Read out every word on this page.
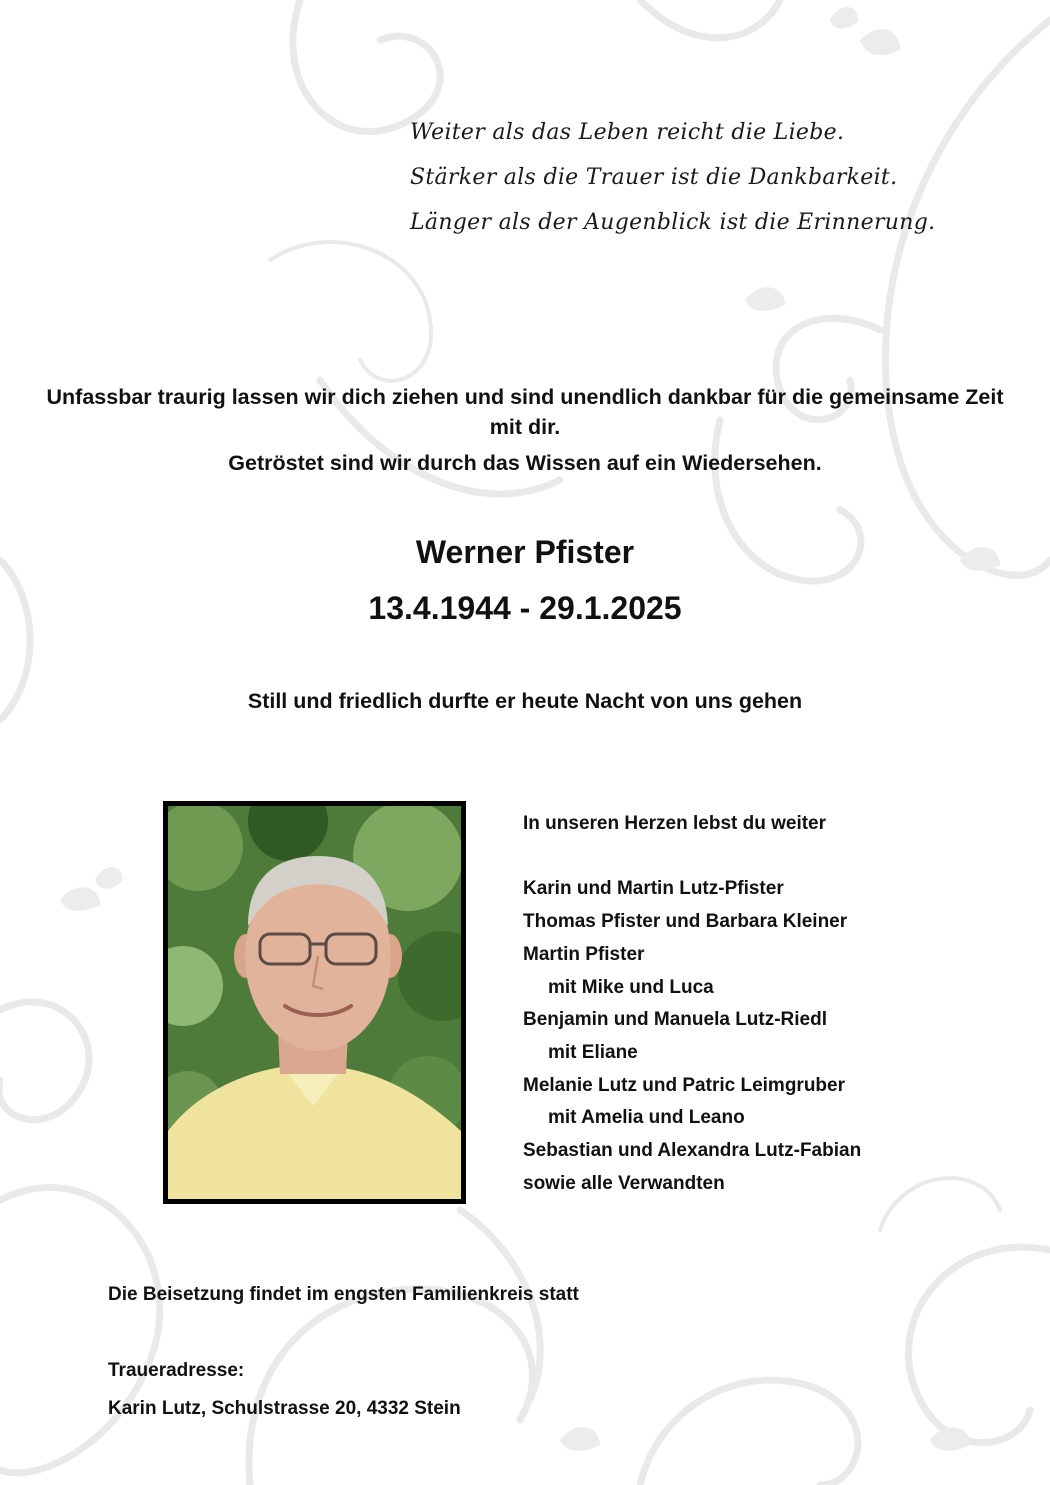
Weiter als das Leben reicht die Liebe.
Stärker als die Trauer ist die Dankbarkeit.
Länger als der Augenblick ist die Erinnerung.
Unfassbar traurig lassen wir dich ziehen und sind unendlich dankbar für die gemeinsame Zeit mit dir.
Getröstet sind wir durch das Wissen auf ein Wiedersehen.
Werner Pfister
13.4.1944 - 29.1.2025
Still und friedlich durfte er heute Nacht von uns gehen
In unseren Herzen lebst du weiter
Karin und Martin Lutz-Pfister
Thomas Pfister und Barbara Kleiner
Martin Pfister
mit Mike und Luca
Benjamin und Manuela Lutz-Riedl
mit Eliane
Melanie Lutz und Patric Leimgruber
mit Amelia und Leano
Sebastian und Alexandra Lutz-Fabian
sowie alle Verwandten
Die Beisetzung findet im engsten Familienkreis statt
Traueradresse:
Karin Lutz, Schulstrasse 20, 4332 Stein
